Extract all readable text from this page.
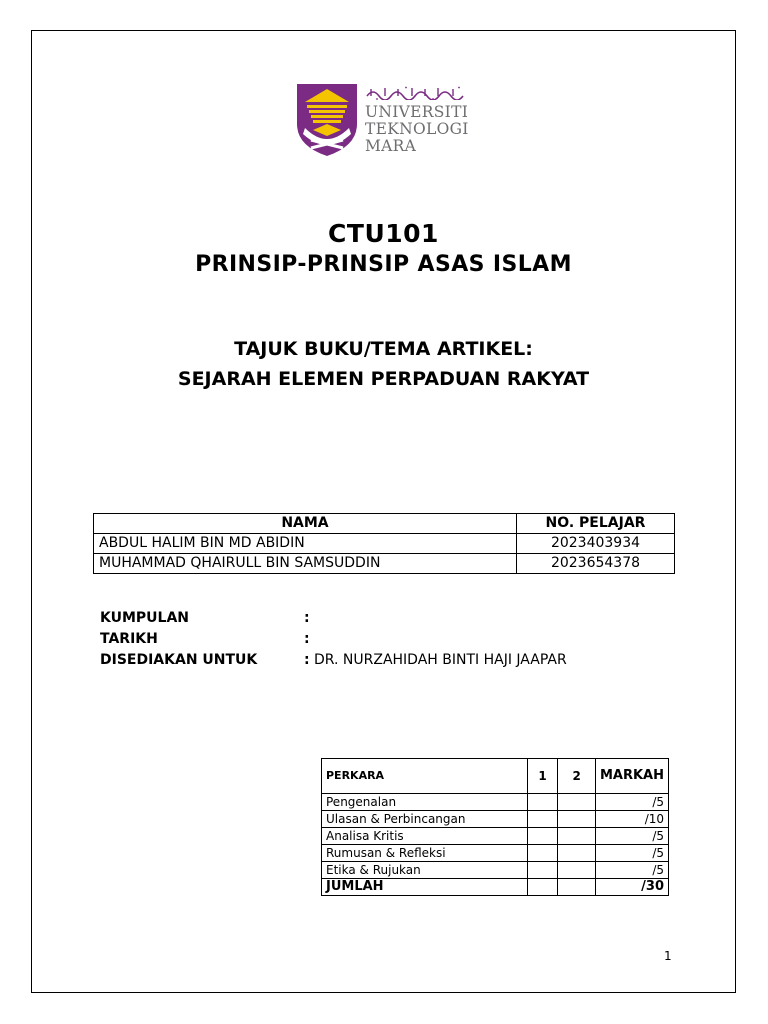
UNIVERSITI
TEKNOLOGI
MARA
CTU101
PRINSIP-PRINSIP ASAS ISLAM
TAJUK BUKU/TEMA ARTIKEL:
SEJARAH ELEMEN PERPADUAN RAKYAT
NAMA	NO. PELAJAR
ABDUL HALIM BIN MD ABIDIN	2023403934
MUHAMMAD QHAIRULL BIN SAMSUDDIN	2023654378
KUMPULAN	:
TARIKH	:
DISEDIAKAN UNTUK	: DR. NURZAHIDAH BINTI HAJI JAAPAR
PERKARA	1	2	MARKAH
Pengenalan			/5
Ulasan & Perbincangan			/10
Analisa Kritis			/5
Rumusan & Refleksi			/5
Etika & Rujukan			/5
JUMLAH			/30
1
